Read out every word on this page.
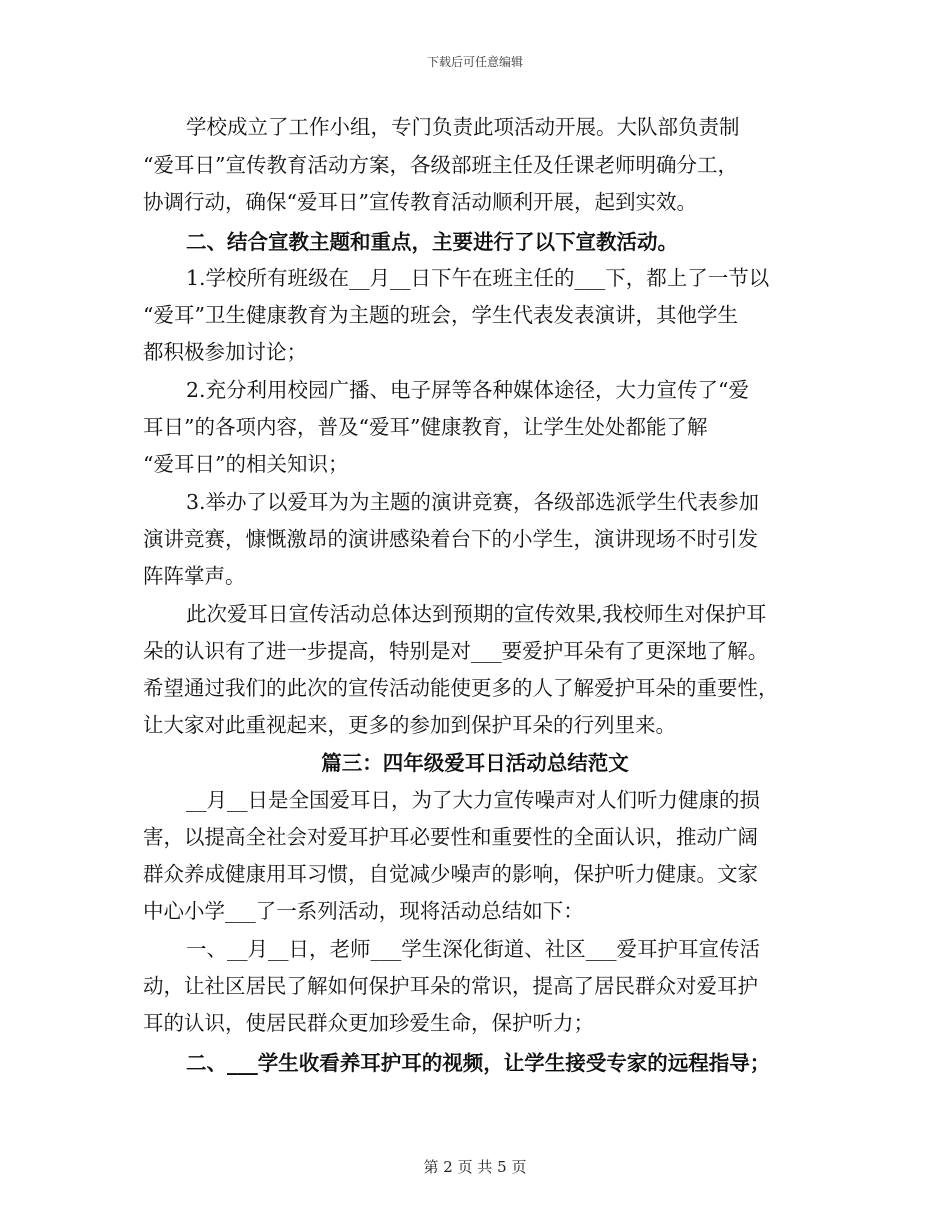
下载后可任意编辑
学校成立了工作小组，专门负责此项活动开展。大队部负责制
“爱耳日”宣传教育活动方案，各级部班主任及任课老师明确分工，
协调行动，确保“爱耳日”宣传教育活动顺利开展，起到实效。
二、结合宣教主题和重点，主要进行了以下宣教活动。
1.学校所有班级在__月__日下午在班主任的___下，都上了一节以
“爱耳”卫生健康教育为主题的班会，学生代表发表演讲，其他学生
都积极参加讨论；
2.充分利用校园广播、电子屏等各种媒体途径，大力宣传了“爱
耳日”的各项内容，普及“爱耳”健康教育，让学生处处都能了解
“爱耳日”的相关知识；
3.举办了以爱耳为为主题的演讲竞赛，各级部选派学生代表参加
演讲竞赛，慷慨激昂的演讲感染着台下的小学生，演讲现场不时引发
阵阵掌声。
此次爱耳日宣传活动总体达到预期的宣传效果,我校师生对保护耳
朵的认识有了进一步提高，特别是对___要爱护耳朵有了更深地了解。
希望通过我们的此次的宣传活动能使更多的人了解爱护耳朵的重要性，
让大家对此重视起来，更多的参加到保护耳朵的行列里来。
篇三：四年级爱耳日活动总结范文
__月__日是全国爱耳日，为了大力宣传噪声对人们听力健康的损
害，以提高全社会对爱耳护耳必要性和重要性的全面认识，推动广阔
群众养成健康用耳习惯，自觉减少噪声的影响，保护听力健康。文家
中心小学___了一系列活动，现将活动总结如下：
一、__月__日，老师___学生深化街道、社区___爱耳护耳宣传活
动，让社区居民了解如何保护耳朵的常识，提高了居民群众对爱耳护
耳的认识，使居民群众更加珍爱生命，保护听力；
二、___学生收看养耳护耳的视频，让学生接受专家的远程指导；
第 2 页 共 5 页
